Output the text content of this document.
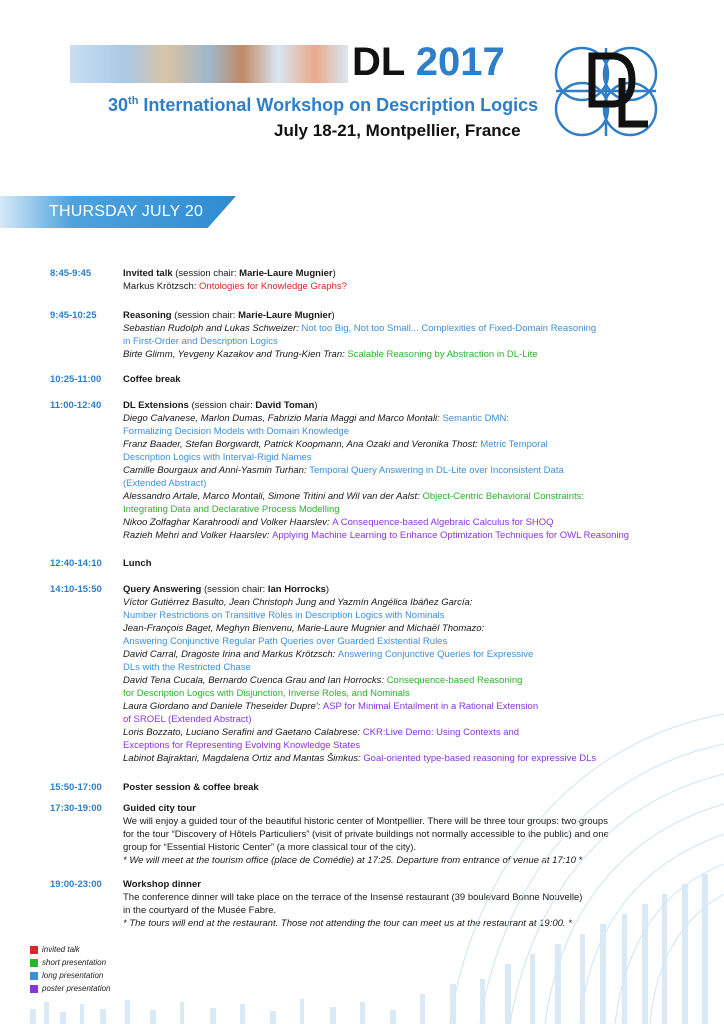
DL 2017
30th International Workshop on Description Logics
July 18-21, Montpellier, France
THURSDAY JULY 20
8:45-9:45	Invited talk (session chair: Marie-Laure Mugnier)
Markus Krötzsch: Ontologies for Knowledge Graphs?
9:45-10:25	Reasoning (session chair: Marie-Laure Mugnier)
Sebastian Rudolph and Lukas Schweizer: Not too Big, Not too Small... Complexities of Fixed-Domain Reasoning
in First-Order and Description Logics
Birte Glimm, Yevgeny Kazakov and Trung-Kien Tran: Scalable Reasoning by Abstraction in DL-Lite
10:25-11:00 Coffee break
11:00-12:40 DL Extensions (session chair: David Toman)
Diego Calvanese, Marlon Dumas, Fabrizio Maria Maggi and Marco Montali: Semantic DMN:
Formalizing Decision Models with Domain Knowledge
Franz Baader, Stefan Borgwardt, Patrick Koopmann, Ana Ozaki and Veronika Thost: Metric Temporal
Description Logics with Interval-Rigid Names
Camille Bourgaux and Anni-Yasmin Turhan: Temporal Query Answering in DL-Lite over Inconsistent Data
(Extended Abstract)
Alessandro Artale, Marco Montali, Simone Tritini and Wil van der Aalst: Object-Centric Behavioral Constraints:
Integrating Data and Declarative Process Modelling
Nikoo Zolfaghar Karahroodi and Volker Haarslev: A Consequence-based Algebraic Calculus for SHOQ
Razieh Mehri and Volker Haarslev: Applying Machine Learning to Enhance Optimization Techniques for OWL Reasoning
12:40-14:10 Lunch
14:10-15:50 Query Answering (session chair: Ian Horrocks)
Víctor Gutiérrez Basulto, Jean Christoph Jung and Yazmín Angélica Ibáñez García:
Number Restrictions on Transitive Roles in Description Logics with Nominals
Jean-François Baget, Meghyn Bienvenu, Marie-Laure Mugnier and Michaël Thomazo:
Answering Conjunctive Regular Path Queries over Guarded Existential Rules
David Carral, Dragoste Irina and Markus Krötzsch: Answering Conjunctive Queries for Expressive
DLs with the Restricted Chase
David Tena Cucala, Bernardo Cuenca Grau and Ian Horrocks: Consequence-based Reasoning
for Description Logics with Disjunction, Inverse Roles, and Nominals
Laura Giordano and Daniele Theseider Dupre': ASP for Minimal Entailment in a Rational Extension
of SROEL (Extended Abstract)
Loris Bozzato, Luciano Serafini and Gaetano Calabrese: CKR:Live Demo: Using Contexts and
Exceptions for Representing Evolving Knowledge States
Labinot Bajraktari, Magdalena Ortiz and Mantas Šimkus: Goal-oriented type-based reasoning for expressive DLs
15:50-17:00 Poster session & coffee break
17:30-19:00 Guided city tour
We will enjoy a guided tour of the beautiful historic center of Montpellier. There will be three tour groups: two groups
for the tour “Discovery of Hôtels Particuliers” (visit of private buildings not normally accessible to the public) and one
group for “Essential Historic Center” (a more classical tour of the city).
* We will meet at the tourism office (place de Comédie) at 17:25. Departure from entrance of venue at 17:10 *
19:00-23:00 Workshop dinner
The conference dinner will take place on the terrace of the Insensé restaurant (39 boulevard Bonne Nouvelle)
in the courtyard of the Musée Fabre.
* The tours will end at the restaurant. Those not attending the tour can meet us at the restaurant at 19:00. *
invited talk
short presentation
long presentation
poster presentation
